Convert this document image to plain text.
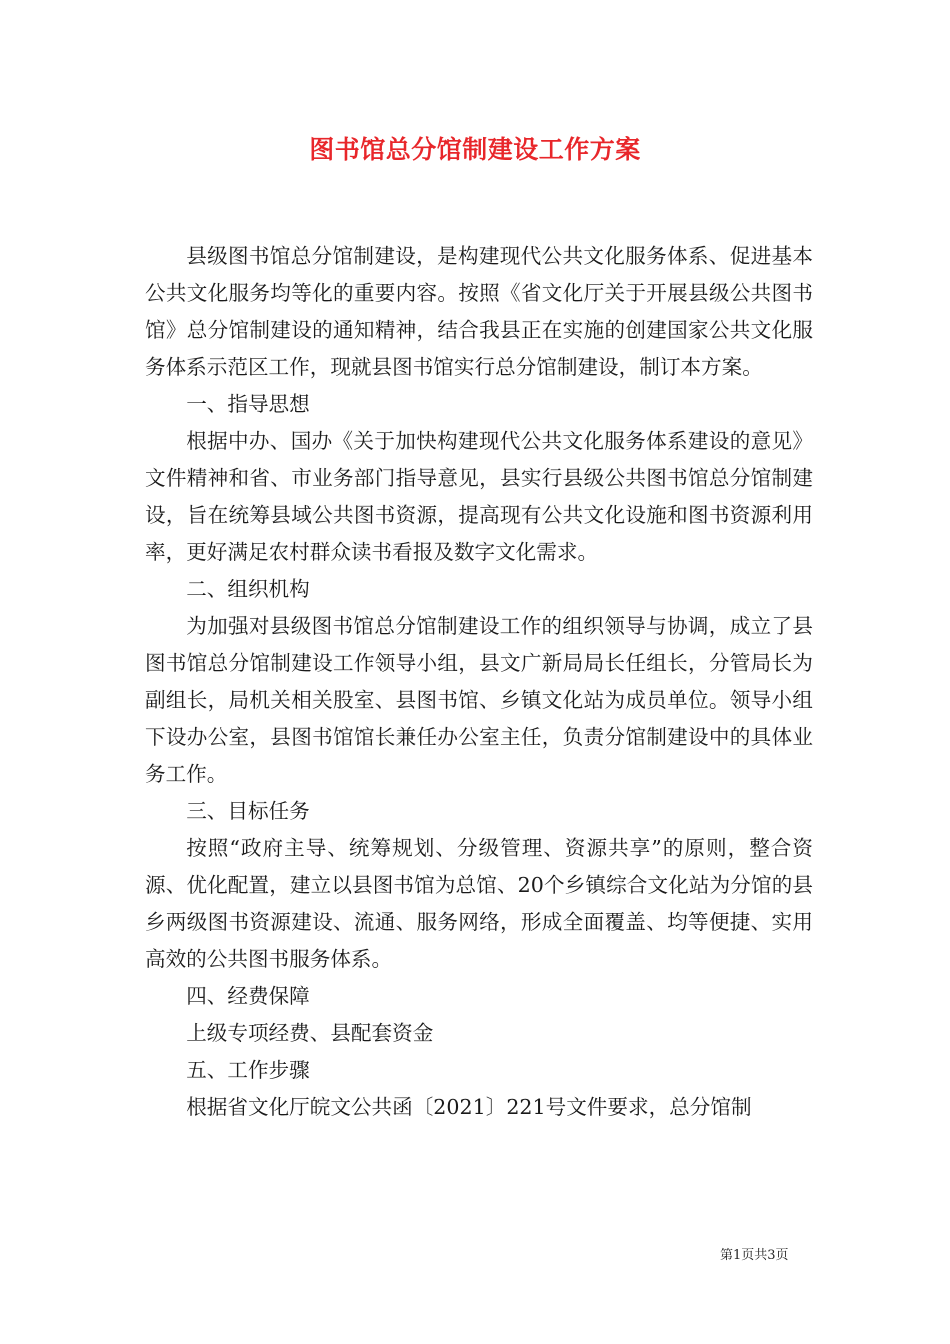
图书馆总分馆制建设工作方案

县级图书馆总分馆制建设，是构建现代公共文化服务体系、促进基本公共文化服务均等化的重要内容。按照《省文化厅关于开展县级公共图书馆》总分馆制建设的通知精神，结合我县正在实施的创建国家公共文化服务体系示范区工作，现就县图书馆实行总分馆制建设，制订本方案。

一、指导思想

根据中办、国办《关于加快构建现代公共文化服务体系建设的意见》文件精神和省、市业务部门指导意见，县实行县级公共图书馆总分馆制建设，旨在统筹县域公共图书资源，提高现有公共文化设施和图书资源利用率，更好满足农村群众读书看报及数字文化需求。

二、组织机构

为加强对县级图书馆总分馆制建设工作的组织领导与协调，成立了县图书馆总分馆制建设工作领导小组，县文广新局局长任组长，分管局长为副组长，局机关相关股室、县图书馆、乡镇文化站为成员单位。领导小组下设办公室，县图书馆馆长兼任办公室主任，负责分馆制建设中的具体业务工作。

三、目标任务

按照“政府主导、统筹规划、分级管理、资源共享”的原则，整合资源、优化配置，建立以县图书馆为总馆、20个乡镇综合文化站为分馆的县乡两级图书资源建设、流通、服务网络，形成全面覆盖、均等便捷、实用高效的公共图书服务体系。

四、经费保障

上级专项经费、县配套资金

五、工作步骤

根据省文化厅皖文公共函〔2021〕221号文件要求，总分馆制

第1页共3页
